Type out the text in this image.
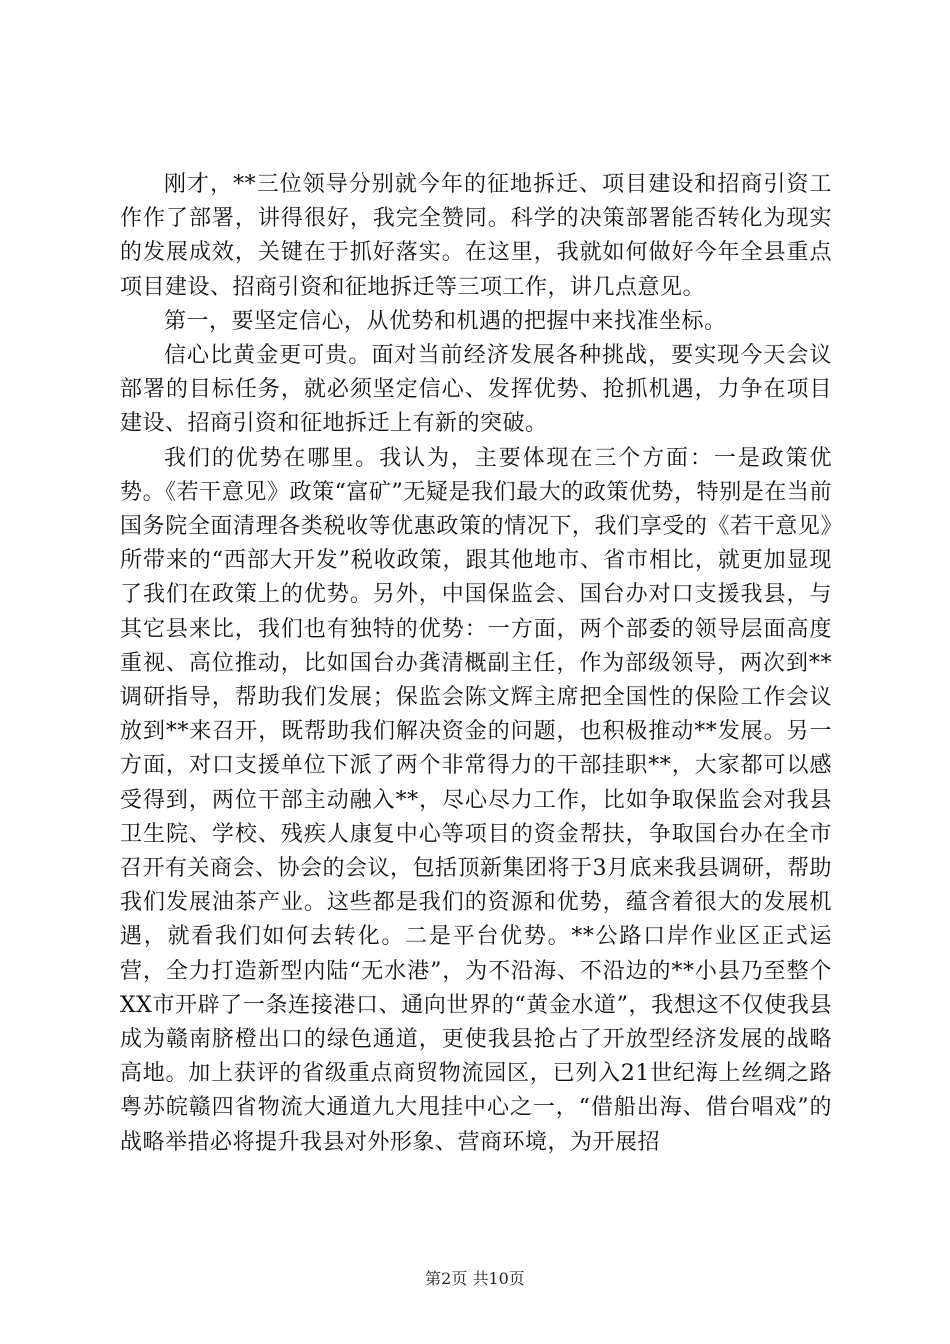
刚才，**三位领导分别就今年的征地拆迁、项目建设和招商引资工作作了部署，讲得很好，我完全赞同。科学的决策部署能否转化为现实的发展成效，关键在于抓好落实。在这里，我就如何做好今年全县重点项目建设、招商引资和征地拆迁等三项工作，讲几点意见。

第一，要坚定信心，从优势和机遇的把握中来找准坐标。

信心比黄金更可贵。面对当前经济发展各种挑战，要实现今天会议部署的目标任务，就必须坚定信心、发挥优势、抢抓机遇，力争在项目建设、招商引资和征地拆迁上有新的突破。

我们的优势在哪里。我认为，主要体现在三个方面：一是政策优势。《若干意见》政策“富矿”无疑是我们最大的政策优势，特别是在当前国务院全面清理各类税收等优惠政策的情况下，我们享受的《若干意见》所带来的“西部大开发”税收政策，跟其他地市、省市相比，就更加显现了我们在政策上的优势。另外，中国保监会、国台办对口支援我县，与其它县来比，我们也有独特的优势：一方面，两个部委的领导层面高度重视、高位推动，比如国台办龚清概副主任，作为部级领导，两次到**调研指导，帮助我们发展；保监会陈文辉主席把全国性的保险工作会议放到**来召开，既帮助我们解决资金的问题，也积极推动**发展。另一方面，对口支援单位下派了两个非常得力的干部挂职**，大家都可以感受得到，两位干部主动融入**，尽心尽力工作，比如争取保监会对我县卫生院、学校、残疾人康复中心等项目的资金帮扶，争取国台办在全市召开有关商会、协会的会议，包括顶新集团将于3月底来我县调研，帮助我们发展油茶产业。这些都是我们的资源和优势，蕴含着很大的发展机遇，就看我们如何去转化。二是平台优势。**公路口岸作业区正式运营，全力打造新型内陆“无水港”，为不沿海、不沿边的**小县乃至整个XX市开辟了一条连接港口、通向世界的“黄金水道”，我想这不仅使我县成为赣南脐橙出口的绿色通道，更使我县抢占了开放型经济发展的战略高地。加上获评的省级重点商贸物流园区，已列入21世纪海上丝绸之路粤苏皖赣四省物流大通道九大甩挂中心之一，“借船出海、借台唱戏”的战略举措必将提升我县对外形象、营商环境，为开展招

第2页 共10页
